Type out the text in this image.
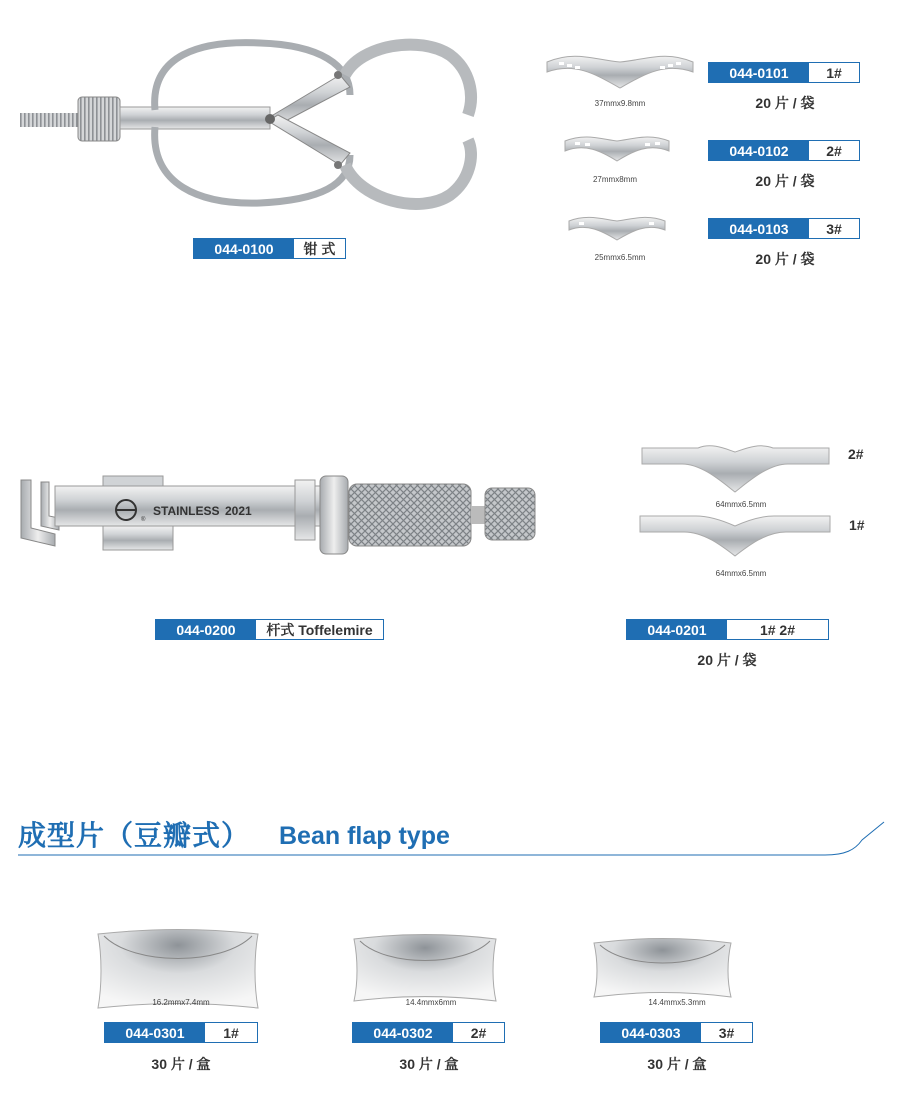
044-0100	钳 式
37mmx9.8mm
044-0101	1#
20 片 / 袋
27mmx8mm
044-0102	2#
20 片 / 袋
25mmx6.5mm
044-0103	3#
20 片 / 袋
®
STAINLESS 2021
044-0200	杆式 Toffelemire
2#
64mmx6.5mm
1#
64mmx6.5mm
044-0201	1# 2#
20 片 / 袋
成型片（豆瓣式） Bean flap type
16.2mmx7.4mm
044-0301	1#
30 片 / 盒
14.4mmx6mm
044-0302	2#
30 片 / 盒
14.4mmx5.3mm
044-0303	3#
30 片 / 盒
